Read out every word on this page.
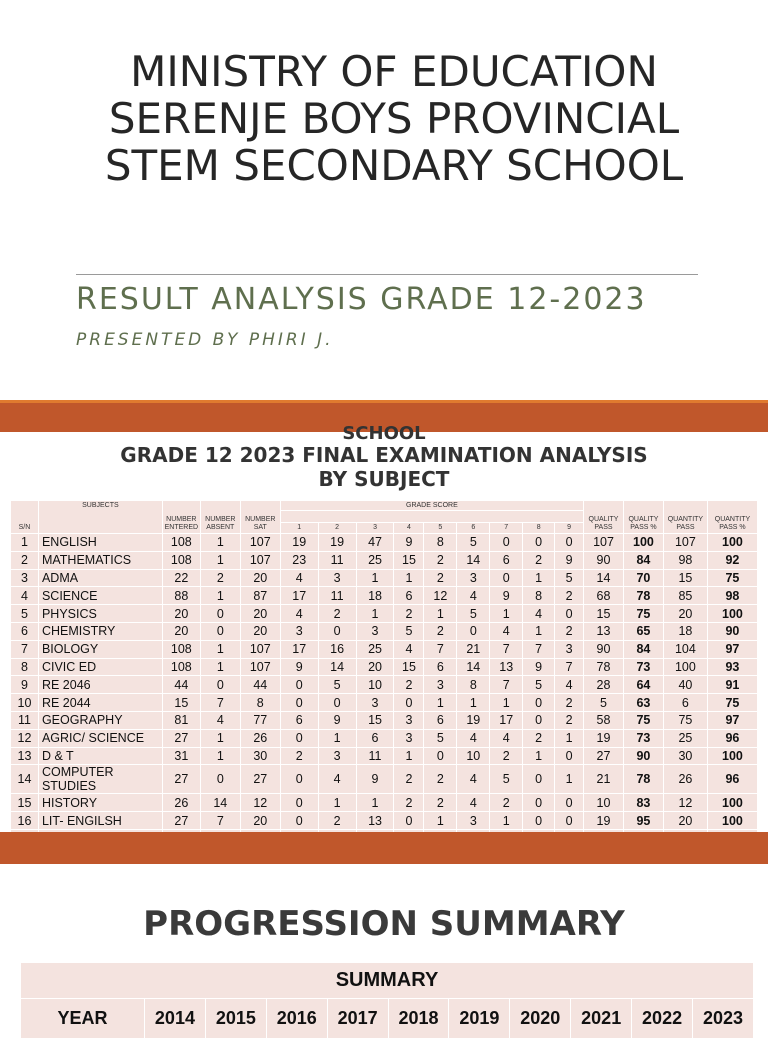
MINISTRY OF EDUCATION
SERENJE BOYS PROVINCIAL
STEM SECONDARY SCHOOL
RESULT ANALYSIS GRADE 12-2023
PRESENTED BY PHIRI J.
SCHOOL
GRADE 12 2023 FINAL EXAMINATION ANALYSIS
BY SUBJECT
S/N	SUBJECTS	NUMBER ENTERED	NUMBER ABSENT	NUMBER SAT	GRADE SCORE									QUALITY PASS	QUALITY PASS %	QUANTITY PASS	QUANTITY PASS %

					1	2	3	4	5	6	7	8	9				
1	ENGLISH	108	1	107	19	19	47	9	8	5	0	0	0	107	100	107	100
2	MATHEMATICS	108	1	107	23	11	25	15	2	14	6	2	9	90	84	98	92
3	ADMA	22	2	20	4	3	1	1	2	3	0	1	5	14	70	15	75
4	SCIENCE	88	1	87	17	11	18	6	12	4	9	8	2	68	78	85	98
5	PHYSICS	20	0	20	4	2	1	2	1	5	1	4	0	15	75	20	100
6	CHEMISTRY	20	0	20	3	0	3	5	2	0	4	1	2	13	65	18	90
7	BIOLOGY	108	1	107	17	16	25	4	7	21	7	7	3	90	84	104	97
8	CIVIC ED	108	1	107	9	14	20	15	6	14	13	9	7	78	73	100	93
9	RE 2046	44	0	44	0	5	10	2	3	8	7	5	4	28	64	40	91
10	RE 2044	15	7	8	0	0	3	0	1	1	1	0	2	5	63	6	75
11	GEOGRAPHY	81	4	77	6	9	15	3	6	19	17	0	2	58	75	75	97
12	AGRIC/ SCIENCE	27	1	26	0	1	6	3	5	4	4	2	1	19	73	25	96
13	D & T	31	1	30	2	3	11	1	0	10	2	1	0	27	90	30	100
14	COMPUTER STUDIES	27	0	27	0	4	9	2	2	4	5	0	1	21	78	26	96
15	HISTORY	26	14	12	0	1	1	2	2	4	2	0	0	10	83	12	100
16	LIT- ENGILSH	27	7	20	0	2	13	0	1	3	1	0	0	19	95	20	100

PROGRESSION SUMMARY
SUMMARY
YEAR	2014	2015	2016	2017	2018	2019	2020	2021	2022	2023
